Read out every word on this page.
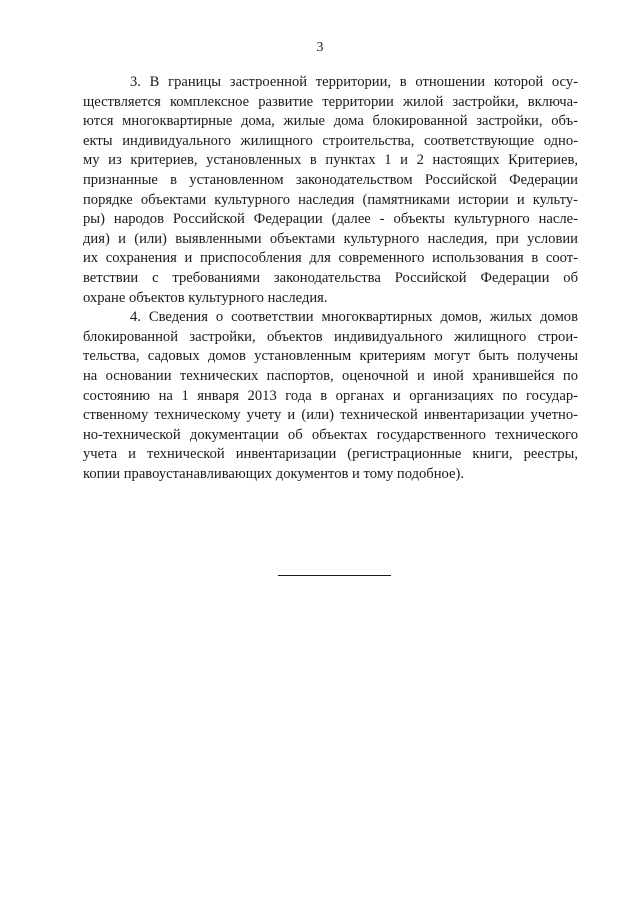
3
3. В границы застроенной территории, в отношении которой осу-
ществляется комплексное развитие территории жилой застройки, включа-
ются многоквартирные дома, жилые дома блокированной застройки, объ-
екты индивидуального жилищного строительства, соответствующие одно-
му из критериев, установленных в пунктах 1 и 2 настоящих Критериев,
признанные в установленном законодательством Российской Федерации
порядке объектами культурного наследия (памятниками истории и культу-
ры) народов Российской Федерации (далее - объекты культурного насле-
дия) и (или) выявленными объектами культурного наследия, при условии
их сохранения и приспособления для современного использования в соот-
ветствии с требованиями законодательства Российской Федерации об
охране объектов культурного наследия.
4. Сведения о соответствии многоквартирных домов, жилых домов
блокированной застройки, объектов индивидуального жилищного строи-
тельства, садовых домов установленным критериям могут быть получены
на основании технических паспортов, оценочной и иной хранившейся по
состоянию на 1 января 2013 года в органах и организациях по государ-
ственному техническому учету и (или) технической инвентаризации учетно-
но-технической документации об объектах государственного технического
учета и технической инвентаризации (регистрационные книги, реестры,
копии правоустанавливающих документов и тому подобное).
